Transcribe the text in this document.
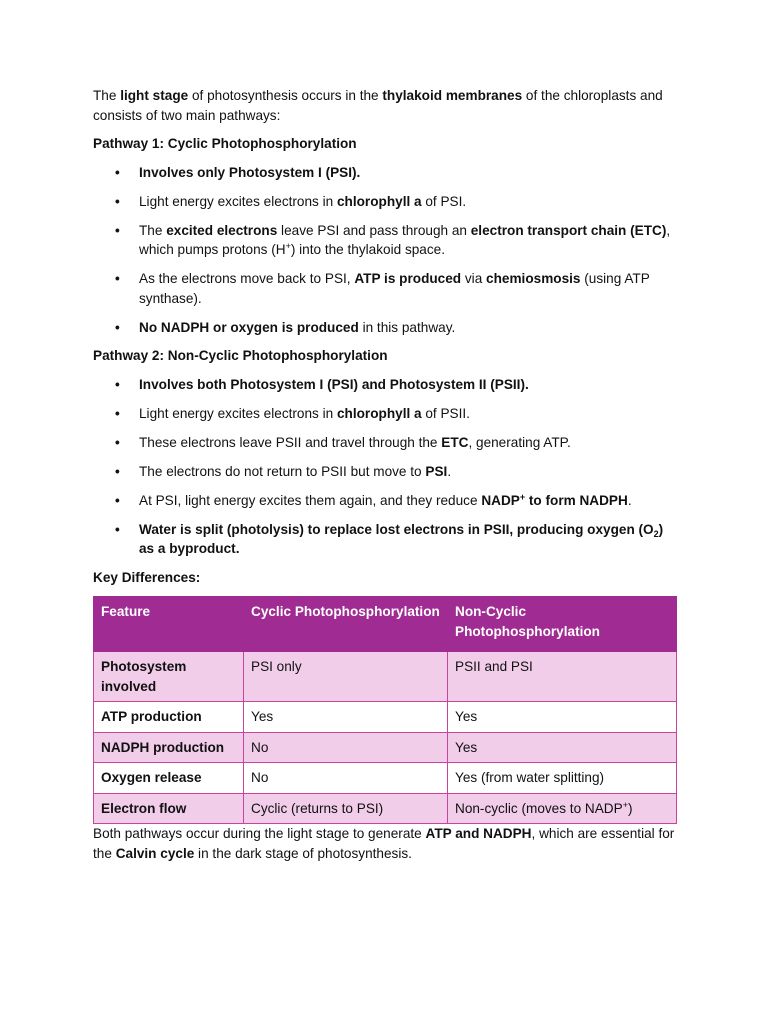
The light stage of photosynthesis occurs in the thylakoid membranes of the chloroplasts and consists of two main pathways:

Pathway 1: Cyclic Photophosphorylation

• Involves only Photosystem I (PSI).
• Light energy excites electrons in chlorophyll a of PSI.
• The excited electrons leave PSI and pass through an electron transport chain (ETC), which pumps protons (H+) into the thylakoid space.
• As the electrons move back to PSI, ATP is produced via chemiosmosis (using ATP synthase).
• No NADPH or oxygen is produced in this pathway.

Pathway 2: Non-Cyclic Photophosphorylation

• Involves both Photosystem I (PSI) and Photosystem II (PSII).
• Light energy excites electrons in chlorophyll a of PSII.
• These electrons leave PSII and travel through the ETC, generating ATP.
• The electrons do not return to PSII but move to PSI.
• At PSI, light energy excites them again, and they reduce NADP+ to form NADPH.
• Water is split (photolysis) to replace lost electrons in PSII, producing oxygen $(O_2)$ as a byproduct.

Key Differences:

Feature	Cyclic Photophosphorylation	Non-Cyclic Photophosphorylation
Photosystem involved	PSI only	PSII and PSI
ATP production	Yes	Yes
NADPH production	No	Yes
Oxygen release	No	Yes (from water splitting)
Electron flow	Cyclic (returns to PSI)	Non-cyclic (moves to NADP+)

Both pathways occur during the light stage to generate ATP and NADPH, which are essential for the Calvin cycle in the dark stage of photosynthesis.
